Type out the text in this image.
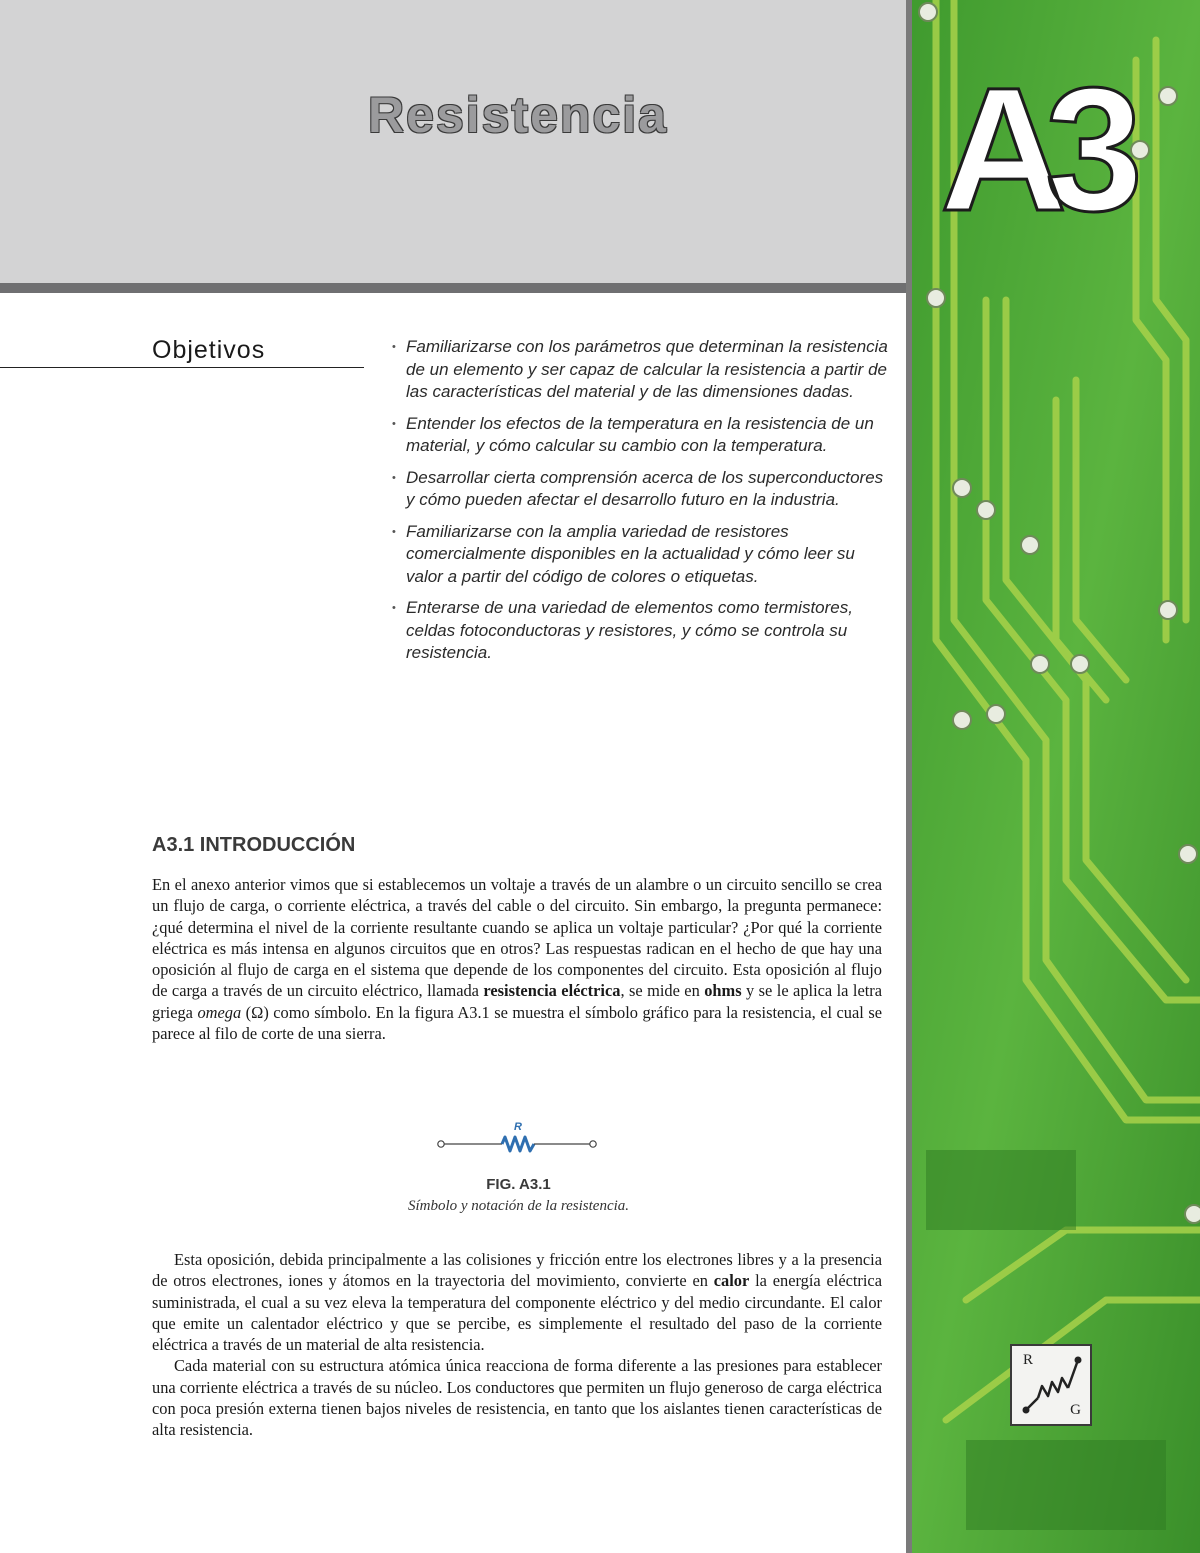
Resistencia	A3
R
G
Objetivos	• Familiarizarse con los parámetros que determinan la resistencia de un elemento y ser capaz de calcular la resistencia a partir de las características del material y de las dimensiones dadas.
• Entender los efectos de la temperatura en la resistencia de un material, y cómo calcular su cambio con la temperatura.
• Desarrollar cierta comprensión acerca de los superconductores y cómo pueden afectar el desarrollo futuro en la industria.
• Familiarizarse con la amplia variedad de resistores comercialmente disponibles en la actualidad y cómo leer su valor a partir del código de colores o etiquetas.
• Enterarse de una variedad de elementos como termistores, celdas fotoconductoras y resistores, y cómo se controla su resistencia.
A3.1 INTRODUCCIÓN

En el anexo anterior vimos que si establecemos un voltaje a través de un alambre o un circuito sencillo se crea un flujo de carga, o corriente eléctrica, a través del cable o del circuito. Sin embargo, la pregunta permanece: ¿qué determina el nivel de la corriente resultante cuando se aplica un voltaje particular? ¿Por qué la corriente eléctrica es más intensa en algunos circuitos que en otros? Las respuestas radican en el hecho de que hay una oposición al flujo de carga en el sistema que depende de los componentes del circuito. Esta oposición al flujo de carga a través de un circuito eléctrico, llamada resistencia eléctrica, se mide en ohms y se le aplica la letra griega omega (Ω) como símbolo. En la figura A3.1 se muestra el símbolo gráfico para la resistencia, el cual se parece al filo de corte de una sierra.

R
FIG. A3.1
Símbolo y notación de la resistencia.

Esta oposición, debida principalmente a las colisiones y fricción entre los electrones libres y a la presencia de otros electrones, iones y átomos en la trayectoria del movimiento, convierte en calor la energía eléctrica suministrada, el cual a su vez eleva la temperatura del componente eléctrico y del medio circundante. El calor que emite un calentador eléctrico y que se percibe, es simplemente el resultado del paso de la corriente eléctrica a través de un material de alta resistencia.

Cada material con su estructura atómica única reacciona de forma diferente a las presiones para establecer una corriente eléctrica a través de su núcleo. Los conductores que permiten un flujo generoso de carga eléctrica con poca presión externa tienen bajos niveles de resistencia, en tanto que los aislantes tienen características de alta resistencia.
